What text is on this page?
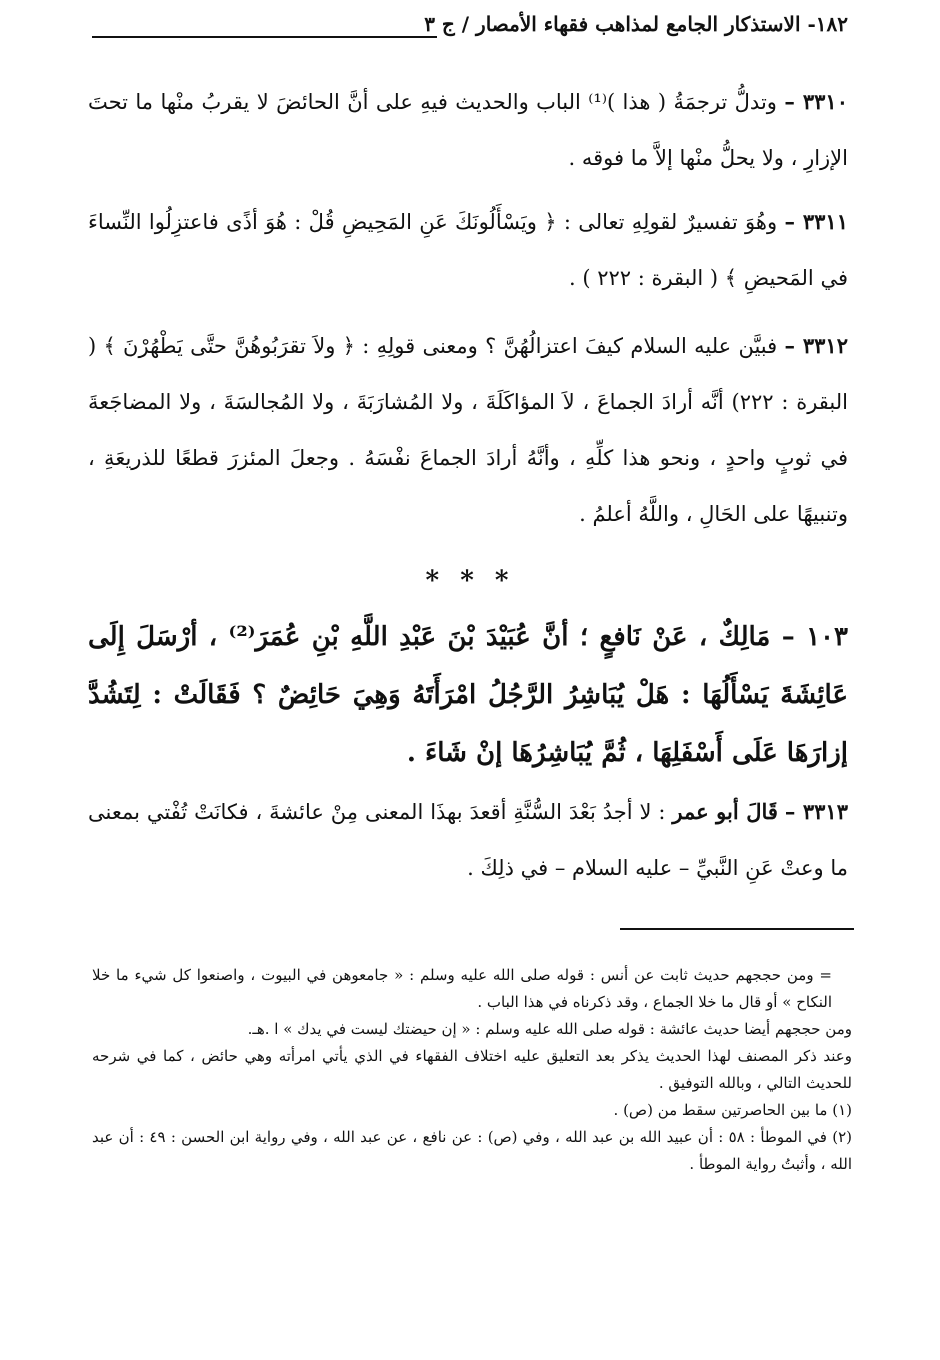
١٨٢- الاستذكار الجامع لمذاهب فقهاء الأمصار / ج ٣

٣٣١٠ – وتدلُّ ترجمَةُ ( هذا )⁽¹⁾ الباب والحديث فيهِ على أنَّ الحائضَ لا يقربُ منْها ما تحتَ الإزارِ ، ولا يحلُّ منْها إلاَّ ما فوقه .

٣٣١١ – وهُوَ تفسيرٌ لقولِهِ تعالى : ﴿ ويَسْأَلُونَكَ عَنِ المَحِيضِ قُلْ : هُوَ أذًى فاعتزِلُوا النِّساءَ في المَحيضِ ﴾ ( البقرة : ٢٢٢ ) .

٣٣١٢ – فبيَّن عليه السلام كيفَ اعتزالُهُنَّ ؟ ومعنى قولِهِ : ﴿ ولاَ تقرَبُوهُنَّ حتَّى يَطْهُرْنَ ﴾ ( البقرة : ٢٢٢) أنَّه أرادَ الجماعَ ، لاَ المؤاكَلَةَ ، ولا المُشارَبَةَ ، ولا المُجالسَةَ ، ولا المضاجَعةَ في ثوبٍ واحدٍ ، ونحو هذا كلِّهِ ، وأنَّهُ أرادَ الجماعَ نفْسَهُ . وجعلَ المئزرَ قطعًا للذريعَةِ ، وتنبيهًا على الحَالِ ، واللَّهُ أعلمُ .

* * *

١٠٣ – مَالِكٌ ، عَنْ نَافعٍ ؛ أنَّ عُبَيْدَ بْنَ عَبْدِ اللَّهِ بْنِ عُمَرَ⁽²⁾ ، أرْسَلَ إِلَى عَائِشَةَ يَسْأَلُهَا : هَلْ يُبَاشِرُ الرَّجُلُ امْرَأَتَهُ وَهِيَ حَائِضٌ ؟ فَقَالَتْ : لِتَشُدَّ إزارَهَا عَلَى أَسْفَلِهَا ، ثُمَّ يُبَاشِرُهَا إنْ شَاءَ .

٣٣١٣ – قَالَ أبو عمر : لا أجدُ بَعْدَ السُّنَّةِ أقعدَ بهذَا المعنى مِنْ عائشةَ ، فكانَتْ تُفْتي بمعنى ما وعتْ عَنِ النَّبيِّ – عليه السلام – في ذلِكَ .

= ومن حججهم حديث ثابت عن أنس : قوله صلى الله عليه وسلم : « جامعوهن في البيوت ، واصنعوا كل شيء ما خلا النكاح » أو قال ما خلا الجماع ، وقد ذكرناه في هذا الباب .

ومن حججهم أيضا حديث عائشة : قوله صلى الله عليه وسلم : « إن حيضتك ليست في يدك » ا .هـ.

وعند ذكر المصنف لهذا الحديث يذكر بعد التعليق عليه اختلاف الفقهاء في الذي يأتي امرأته وهي حائض ، كما في شرحه للحديث التالي ، وبالله التوفيق .

(١) ما بين الحاصرتين سقط من (ص) .

(٢) في الموطأ : ٥٨ : أن عبيد الله بن عبد الله ، وفي (ص) : عن نافع ، عن عبد الله ، وفي رواية ابن الحسن : ٤٩ : أن عبد الله ، وأثبتُ رواية الموطأ .
